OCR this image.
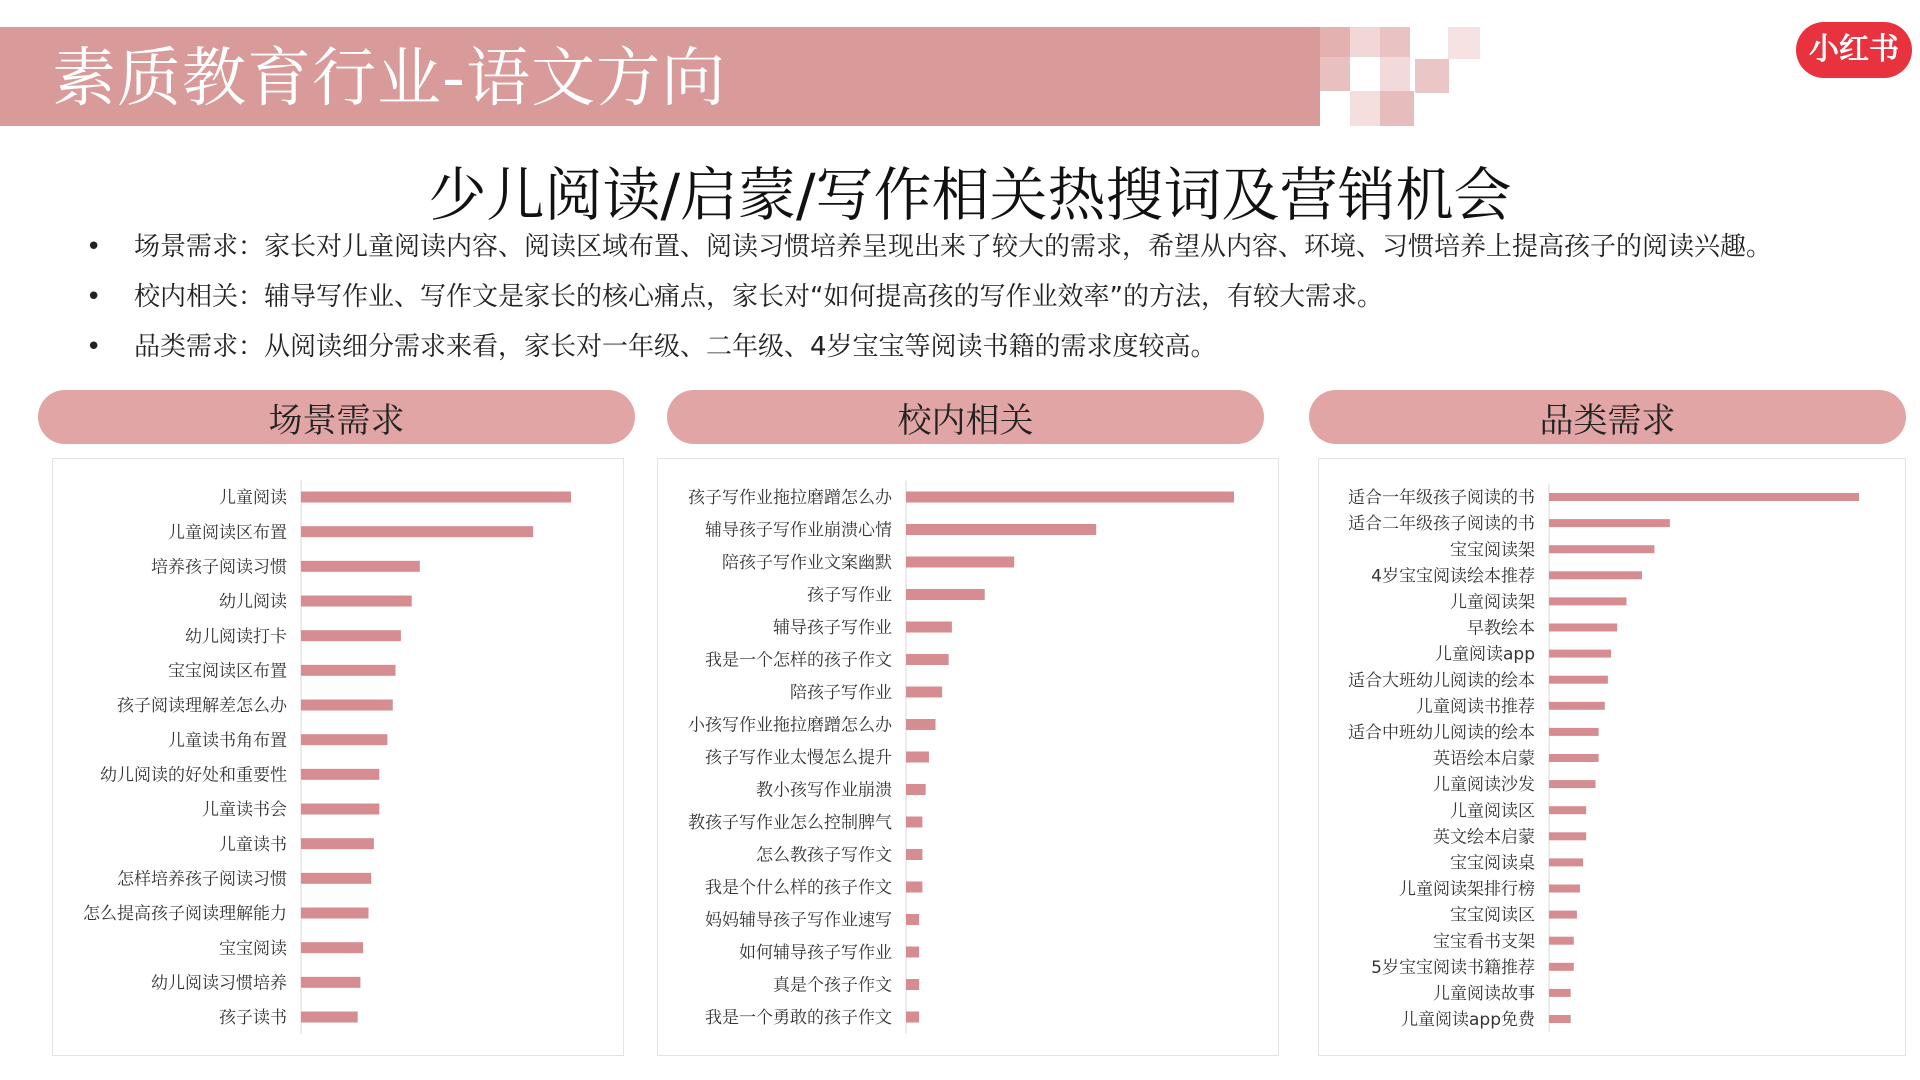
素质教育行业-语文方向	小红书
少儿阅读/启蒙/写作相关热搜词及营销机会
• 场景需求：家长对儿童阅读内容、阅读区域布置、阅读习惯培养呈现出来了较大的需求，希望从内容、环境、习惯培养上提高孩子的阅读兴趣。
• 校内相关：辅导写作业、写作文是家长的核心痛点，家长对“如何提高孩的写作业效率”的方法，有较大需求。
• 品类需求：从阅读细分需求来看，家长对一年级、二年级、4岁宝宝等阅读书籍的需求度较高。
场景需求	校内相关	品类需求
儿童阅读
儿童阅读区布置
培养孩子阅读习惯
幼儿阅读
幼儿阅读打卡
宝宝阅读区布置
孩子阅读理解差怎么办
儿童读书角布置
幼儿阅读的好处和重要性
儿童读书会
儿童读书
怎样培养孩子阅读习惯
怎么提高孩子阅读理解能力
宝宝阅读
幼儿阅读习惯培养
孩子读书
孩子写作业拖拉磨蹭怎么办
辅导孩子写作业崩溃心情
陪孩子写作业文案幽默
孩子写作业
辅导孩子写作业
我是一个怎样的孩子作文
陪孩子写作业
小孩写作业拖拉磨蹭怎么办
孩子写作业太慢怎么提升
教小孩写作业崩溃
教孩子写作业怎么控制脾气
怎么教孩子写作文
我是个什么样的孩子作文
妈妈辅导孩子写作业速写
如何辅导孩子写作业
真是个孩子作文
我是一个勇敢的孩子作文
适合一年级孩子阅读的书
适合二年级孩子阅读的书
宝宝阅读架
4岁宝宝阅读绘本推荐
儿童阅读架
早教绘本
儿童阅读app
适合大班幼儿阅读的绘本
儿童阅读书推荐
适合中班幼儿阅读的绘本
英语绘本启蒙
儿童阅读沙发
儿童阅读区
英文绘本启蒙
宝宝阅读桌
儿童阅读架排行榜
宝宝阅读区
宝宝看书支架
5岁宝宝阅读书籍推荐
儿童阅读故事
儿童阅读app免费
